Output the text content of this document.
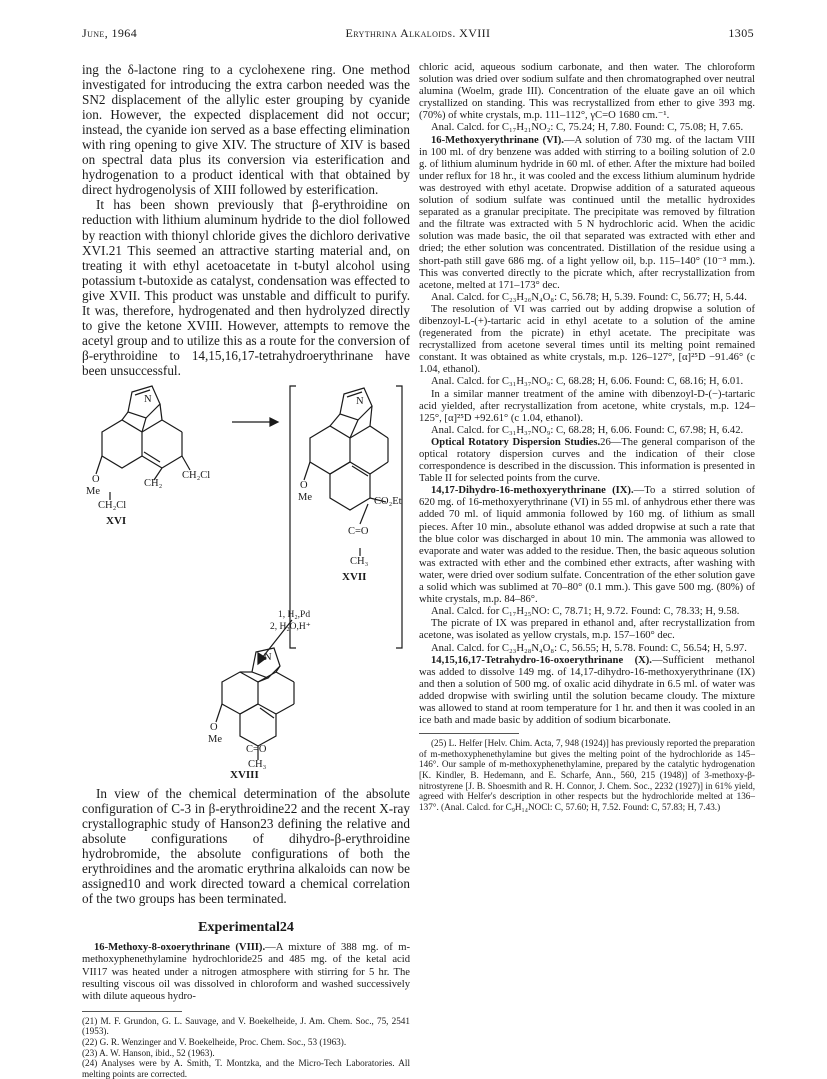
June, 1964	Erythrina Alkaloids. XVIII	1305

ing the δ-lactone ring to a cyclohexene ring. One method investigated for introducing the extra carbon needed was the SN2 displacement of the allylic ester grouping by cyanide ion. However, the expected displacement did not occur; instead, the cyanide ion served as a base effecting elimination with ring opening to give XIV. The structure of XIV is based on spectral data plus its conversion via esterification and hydrogenation to a product identical with that obtained by direct hydrogenolysis of XIII followed by esterification.

It has been shown previously that β-erythroidine on reduction with lithium aluminum hydride to the diol followed by reaction with thionyl chloride gives the dichloro derivative XVI.21 This seemed an attractive starting material and, on treating it with ethyl acetoacetate in t-butyl alcohol using potassium t-butoxide as catalyst, condensation was effected to give XVII. This product was unstable and difficult to purify. It was, therefore, hydrogenated and then hydrolyzed directly to give the ketone XVIII. However, attempts to remove the acetyl group and to utilize this as a route for the conversion of β-erythroidine to 14,15,16,17-tetrahydroerythrinane have been unsuccessful.

N
O
Me
CH₂
CH₂Cl
CH₂Cl
XVI
N
O
Me	CO₂Et
C=O
CH₃
XVII
1, H₂,Pd
2, H₂O,H⁺
N
O
Me
C=O
CH₃
XVIII

In view of the chemical determination of the absolute configuration of C-3 in β-erythroidine22 and the recent X-ray crystallographic study of Hanson23 defining the relative and absolute configurations of dihydro-β-erythroidine hydrobromide, the absolute configurations of both the erythroidines and the aromatic erythrina alkaloids can now be assigned10 and work directed toward a chemical correlation of the two groups has been terminated.

Experimental24

16-Methoxy-8-oxoerythrinane (VIII).—A mixture of 388 mg. of m-methoxyphenethylamine hydrochloride25 and 485 mg. of the ketal acid VII17 was heated under a nitrogen atmosphere with stirring for 5 hr. The resulting viscous oil was dissolved in chloroform and washed successively with dilute aqueous hydro-

(21) M. F. Grundon, G. L. Sauvage, and V. Boekelheide, J. Am. Chem. Soc., 75, 2541 (1953).

(22) G. R. Wenzinger and V. Boekelheide, Proc. Chem. Soc., 53 (1963).

(23) A. W. Hanson, ibid., 52 (1963).

(24) Analyses were by A. Smith, T. Montzka, and the Micro-Tech Laboratories. All melting points are corrected.

chloric acid, aqueous sodium carbonate, and then water. The chloroform solution was dried over sodium sulfate and then chromatographed over neutral alumina (Woelm, grade III). Concentration of the eluate gave an oil which crystallized on standing. This was recrystallized from ether to give 393 mg. (70%) of white crystals, m.p. 111–112°, γC=O 1680 cm.⁻¹.

Anal. Calcd. for C₁₇H₂₁NO₂: C, 75.24; H, 7.80. Found: C, 75.08; H, 7.65.

16-Methoxyerythrinane (VI).—A solution of 730 mg. of the lactam VIII in 100 ml. of dry benzene was added with stirring to a boiling solution of 2.0 g. of lithium aluminum hydride in 60 ml. of ether. After the mixture had boiled under reflux for 18 hr., it was cooled and the excess lithium aluminum hydride was destroyed with ethyl acetate. Dropwise addition of a saturated aqueous solution of sodium sulfate was continued until the metallic hydroxides separated as a granular precipitate. The precipitate was removed by filtration and the filtrate was extracted with 5 N hydrochloric acid. When the acidic solution was made basic, the oil that separated was extracted with ether and dried; the ether solution was concentrated. Distillation of the residue using a short-path still gave 686 mg. of a light yellow oil, b.p. 115–140° (10⁻³ mm.). This was converted directly to the picrate which, after recrystallization from acetone, melted at 171–173° dec.

Anal. Calcd. for C₂₃H₂₆N₄O₈: C, 56.78; H, 5.39. Found: C, 56.77; H, 5.44.

The resolution of VI was carried out by adding dropwise a solution of dibenzoyl-L-(+)-tartaric acid in ethyl acetate to a solution of the amine (regenerated from the picrate) in ethyl acetate. The precipitate was recrystallized from acetone several times until its melting point remained constant. It was obtained as white crystals, m.p. 126–127°, [α]²⁵D −91.46° (c 1.04, ethanol).

Anal. Calcd. for C₃₁H₃₇NO₉: C, 68.28; H, 6.06. Found: C, 68.16; H, 6.01.

In a similar manner treatment of the amine with dibenzoyl-D-(−)-tartaric acid yielded, after recrystallization from acetone, white crystals, m.p. 124–125°, [α]²⁵D +92.61° (c 1.04, ethanol).

Anal. Calcd. for C₃₁H₃₇NO₉: C, 68.28; H, 6.06. Found: C, 67.98; H, 6.42.

Optical Rotatory Dispersion Studies.26—The general comparison of the optical rotatory dispersion curves and the indication of their close correspondence is described in the discussion. This information is presented in Table II for selected points from the curve.

14,17-Dihydro-16-methoxyerythrinane (IX).—To a stirred solution of 620 mg. of 16-methoxyerythrinane (VI) in 55 ml. of anhydrous ether there was added 70 ml. of liquid ammonia followed by 160 mg. of lithium as small pieces. After 10 min., absolute ethanol was added dropwise at such a rate that the blue color was discharged in about 10 min. The ammonia was allowed to evaporate and water was added to the residue. Then, the basic aqueous solution was extracted with ether and the combined ether extracts, after washing with water, were dried over sodium sulfate. Concentration of the ether solution gave a solid which was sublimed at 70–80° (0.1 mm.). This gave 500 mg. (80%) of white crystals, m.p. 84–86°.

Anal. Calcd. for C₁₇H₂₅NO: C, 78.71; H, 9.72. Found: C, 78.33; H, 9.58.

The picrate of IX was prepared in ethanol and, after recrystallization from acetone, was isolated as yellow crystals, m.p. 157–160° dec.

Anal. Calcd. for C₂₃H₂₈N₄O₈: C, 56.55; H, 5.78. Found: C, 56.54; H, 5.97.

14,15,16,17-Tetrahydro-16-oxoerythrinane (X).—Sufficient methanol was added to dissolve 149 mg. of 14,17-dihydro-16-methoxyerythrinane (IX) and then a solution of 500 mg. of oxalic acid dihydrate in 6.5 ml. of water was added dropwise with swirling until the solution became cloudy. The mixture was allowed to stand at room temperature for 1 hr. and then it was cooled in an ice bath and made basic by addition of sodium bicarbonate.

(25) L. Helfer [Helv. Chim. Acta, 7, 948 (1924)] has previously reported the preparation of m-methoxyphenethylamine but gives the melting point of the hydrochloride as 145–146°. Our sample of m-methoxyphenethylamine, prepared by the catalytic hydrogenation [K. Kindler, B. Hedemann, and E. Scharfe, Ann., 560, 215 (1948)] of 3-methoxy-β-nitrostyrene [J. B. Shoesmith and R. H. Connor, J. Chem. Soc., 2232 (1927)] in 61% yield, agreed with Helfer's description in other respects but the hydrochloride melted at 136–137°. (Anal. Calcd. for C₉H₁₄NOCl: C, 57.60; H, 7.52. Found: C, 57.83; H, 7.43.)
